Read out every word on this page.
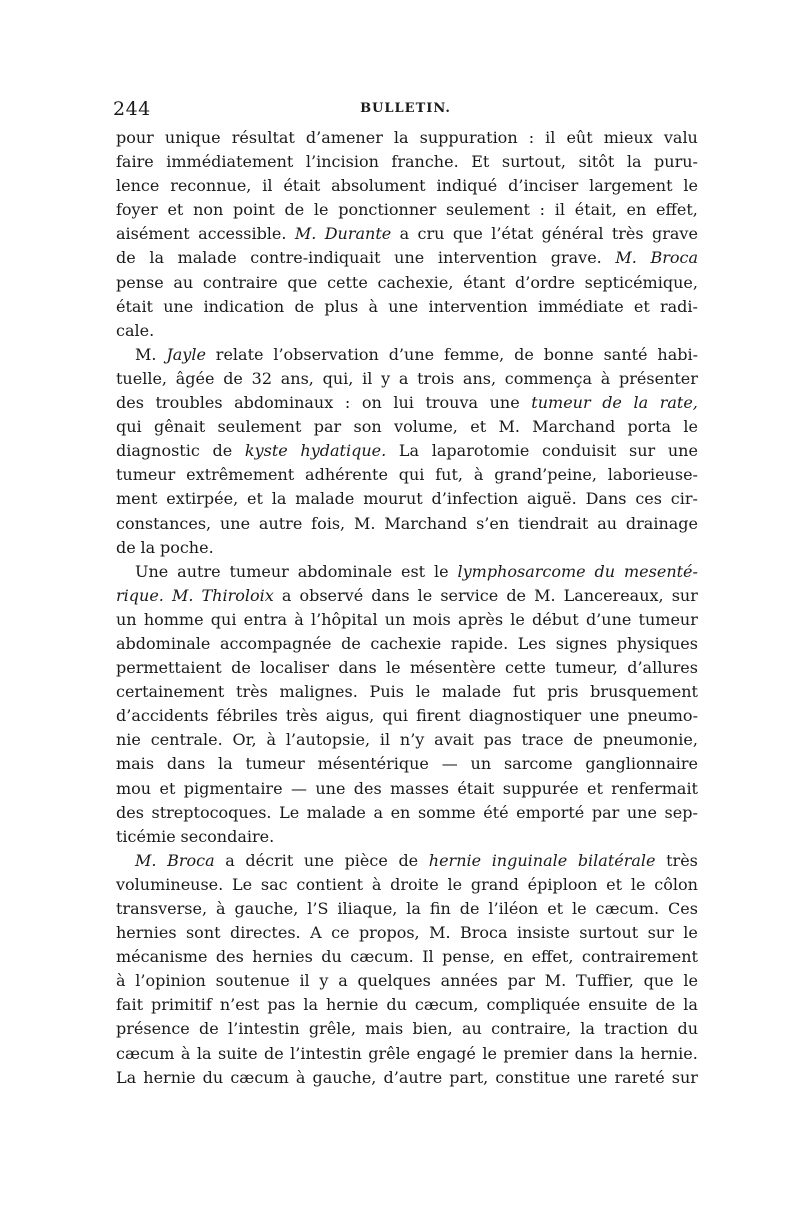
244	BULLETIN.
pour unique résultat d’amener la suppuration : il eût mieux valu
faire immédiatement l’incision franche. Et surtout, sitôt la puru-
lence reconnue, il était absolument indiqué d’inciser largement le
foyer et non point de le ponctionner seulement : il était, en effet,
aisément accessible. M. Durante a cru que l’état général très grave
de la malade contre-indiquait une intervention grave. M. Broca
pense au contraire que cette cachexie, étant d’ordre septicémique,
était une indication de plus à une intervention immédiate et radi-
cale.
M. Jayle relate l’observation d’une femme, de bonne santé habi-
tuelle, âgée de 32 ans, qui, il y a trois ans, commença à présenter
des troubles abdominaux : on lui trouva une tumeur de la rate,
qui gênait seulement par son volume, et M. Marchand porta le
diagnostic de kyste hydatique. La laparotomie conduisit sur une
tumeur extrêmement adhérente qui fut, à grand’peine, laborieuse-
ment extirpée, et la malade mourut d’infection aiguë. Dans ces cir-
constances, une autre fois, M. Marchand s’en tiendrait au drainage
de la poche.
Une autre tumeur abdominale est le lymphosarcome du mesenté-
rique. M. Thiroloix a observé dans le service de M. Lancereaux, sur
un homme qui entra à l’hôpital un mois après le début d’une tumeur
abdominale accompagnée de cachexie rapide. Les signes physiques
permettaient de localiser dans le mésentère cette tumeur, d’allures
certainement très malignes. Puis le malade fut pris brusquement
d’accidents fébriles très aigus, qui firent diagnostiquer une pneumo-
nie centrale. Or, à l’autopsie, il n’y avait pas trace de pneumonie,
mais dans la tumeur mésentérique — un sarcome ganglionnaire
mou et pigmentaire — une des masses était suppurée et renfermait
des streptocoques. Le malade a en somme été emporté par une sep-
ticémie secondaire.
M. Broca a décrit une pièce de hernie inguinale bilatérale très
volumineuse. Le sac contient à droite le grand épiploon et le côlon
transverse, à gauche, l’S iliaque, la fin de l’iléon et le cæcum. Ces
hernies sont directes. A ce propos, M. Broca insiste surtout sur le
mécanisme des hernies du cæcum. Il pense, en effet, contrairement
à l’opinion soutenue il y a quelques années par M. Tuffier, que le
fait primitif n’est pas la hernie du cæcum, compliquée ensuite de la
présence de l’intestin grêle, mais bien, au contraire, la traction du
cæcum à la suite de l’intestin grêle engagé le premier dans la hernie.
La hernie du cæcum à gauche, d’autre part, constitue une rareté sur
